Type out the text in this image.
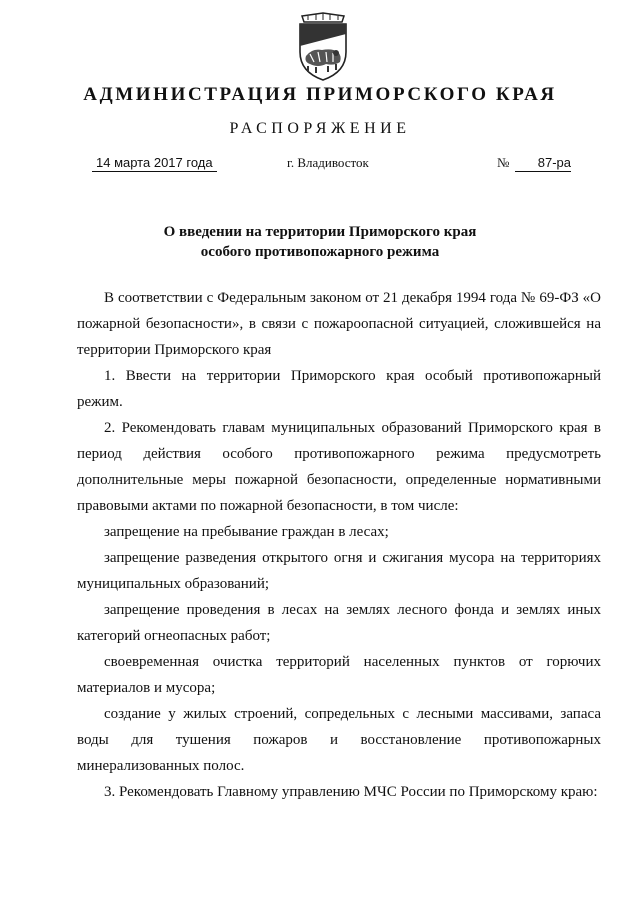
АДМИНИСТРАЦИЯ ПРИМОРСКОГО КРАЯ
РАСПОРЯЖЕНИЕ
14 марта 2017 года	г. Владивосток	№	87-ра
О введении на территории Приморского края
особого противопожарного режима

В соответствии с Федеральным законом от 21 декабря 1994 года № 69-ФЗ «О пожарной безопасности», в связи с пожароопасной ситуацией, сложившейся на территории Приморского края

1. Ввести на территории Приморского края особый противопожарный режим.

2. Рекомендовать главам муниципальных образований Приморского края в период действия особого противопожарного режима предусмотреть дополнительные меры пожарной безопасности, определенные нормативными правовыми актами по пожарной безопасности, в том числе:

запрещение на пребывание граждан в лесах;

запрещение разведения открытого огня и сжигания мусора на территориях муниципальных образований;

запрещение проведения в лесах на землях лесного фонда и землях иных категорий огнеопасных работ;

своевременная очистка территорий населенных пунктов от горючих материалов и мусора;

создание у жилых строений, сопредельных с лесными массивами, запаса воды для тушения пожаров и восстановление противопожарных минерализованных полос.

3. Рекомендовать Главному управлению МЧС России по Приморскому краю:
